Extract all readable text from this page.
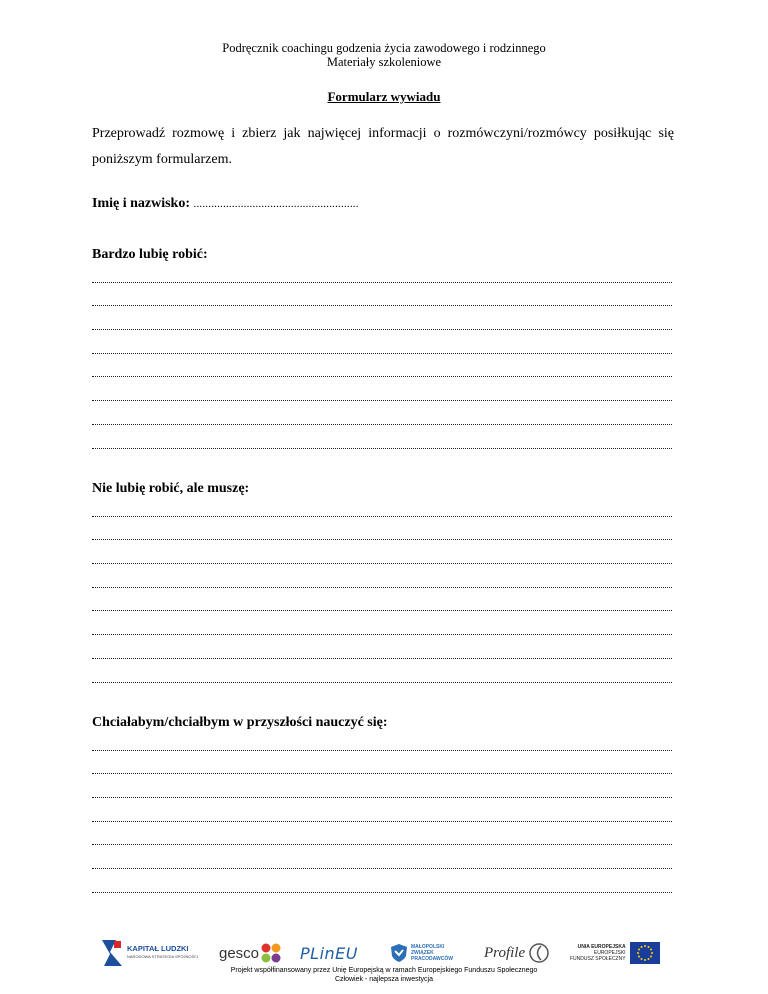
Podręcznik coachingu godzenia życia zawodowego i rodzinnego
Materiały szkoleniowe
Formularz wywiadu
Przeprowadź rozmowę i zbierz jak najwięcej informacji o rozmówczyni/rozmówcy posiłkując się poniższym formularzem.
Imię i nazwisko: ........................................................
Bardzo lubię robić:
Nie lubię robić, ale muszę:
Chciałabym/chciałbym w przyszłości nauczyć się:
KAPITAŁ LUDZKI
NARODOWA STRATEGIA SPÓJNOŚCI gesco	PLinEU	MAŁOPOLSKI
ZWIĄZEK
PRACODAWCÓW Profile	UNIA EUROPEJSKA
EUROPEJSKI
FUNDUSZ SPOŁECZNY
Projekt współfinansowany przez Unię Europejską w ramach Europejskiego Funduszu Społecznego
Człowiek - najlepsza inwestycja
